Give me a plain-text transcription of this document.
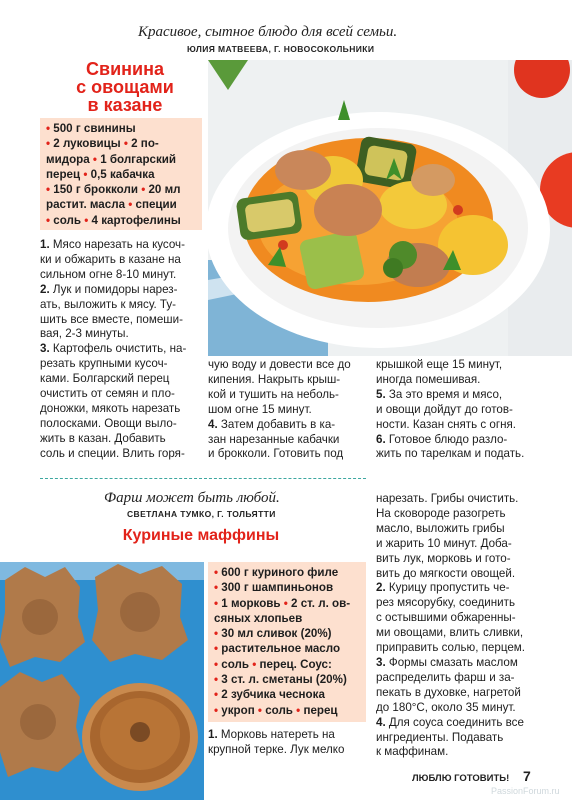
Красивое, сытное блюдо для всей семьи.
ЮЛИЯ МАТВЕЕВА, Г. НОВОСОКОЛЬНИКИ
Свинина
с овощами
в казане
• 500 г свинины
• 2 луковицы • 2 по-
мидора • 1 болгарский
перец • 0,5 кабачка
• 150 г брокколи • 20 мл
растит. масла • специи
• соль • 4 картофелины

1. Мясо нарезать на кусоч-

ки и обжарить в казане на

сильном огне 8-10 минут.

2. Лук и помидоры нарез-

ать, выложить к мясу. Ту-

шить все вместе, помеши-

вая, 2-3 минуты.

3. Картофель очистить, на-

резать крупными кусоч-

ками. Болгарский перец

очистить от семян и пло-

доножки, мякоть нарезать

полосками. Овощи выло-

жить в казан. Добавить

соль и специи. Влить горя-

чую воду и довести все до

кипения. Накрыть крыш-

кой и тушить на неболь-

шом огне 15 минут.

4. Затем добавить в ка-

зан нарезанные кабачки

и брокколи. Готовить под

крышкой еще 15 минут,

иногда помешивая.

5. За это время и мясо,

и овощи дойдут до готов-

ности. Казан снять с огня.

6. Готовое блюдо разло-

жить по тарелкам и подать.

Фарш может быть любой.
СВЕТЛАНА ТУМКО, Г. ТОЛЬЯТТИ
Куриные маффины
• 600 г куриного филе
• 300 г шампиньонов
• 1 морковь • 2 ст. л. ов-
сяных хлопьев
• 30 мл сливок (20%)
• растительное масло
• соль • перец. Соус:
• 3 ст. л. сметаны (20%)
• 2 зубчика чеснока
• укроп • соль • перец

1. Морковь натереть на

крупной терке. Лук мелко

нарезать. Грибы очистить.

На сковороде разогреть

масло, выложить грибы

и жарить 10 минут. Доба-

вить лук, морковь и гото-

вить до мягкости овощей.

2. Курицу пропустить че-

рез мясорубку, соединить

с остывшими обжаренны-

ми овощами, влить сливки,

приправить солью, перцем.

3. Формы смазать маслом

распределить фарш и за-

пекать в духовке, нагретой

до 180°С, около 35 минут.

4. Для соуса соединить все

ингредиенты. Подавать

к маффинам.

ЛЮБЛЮ ГОТОВИТЬ! 7
PassionForum.ru
